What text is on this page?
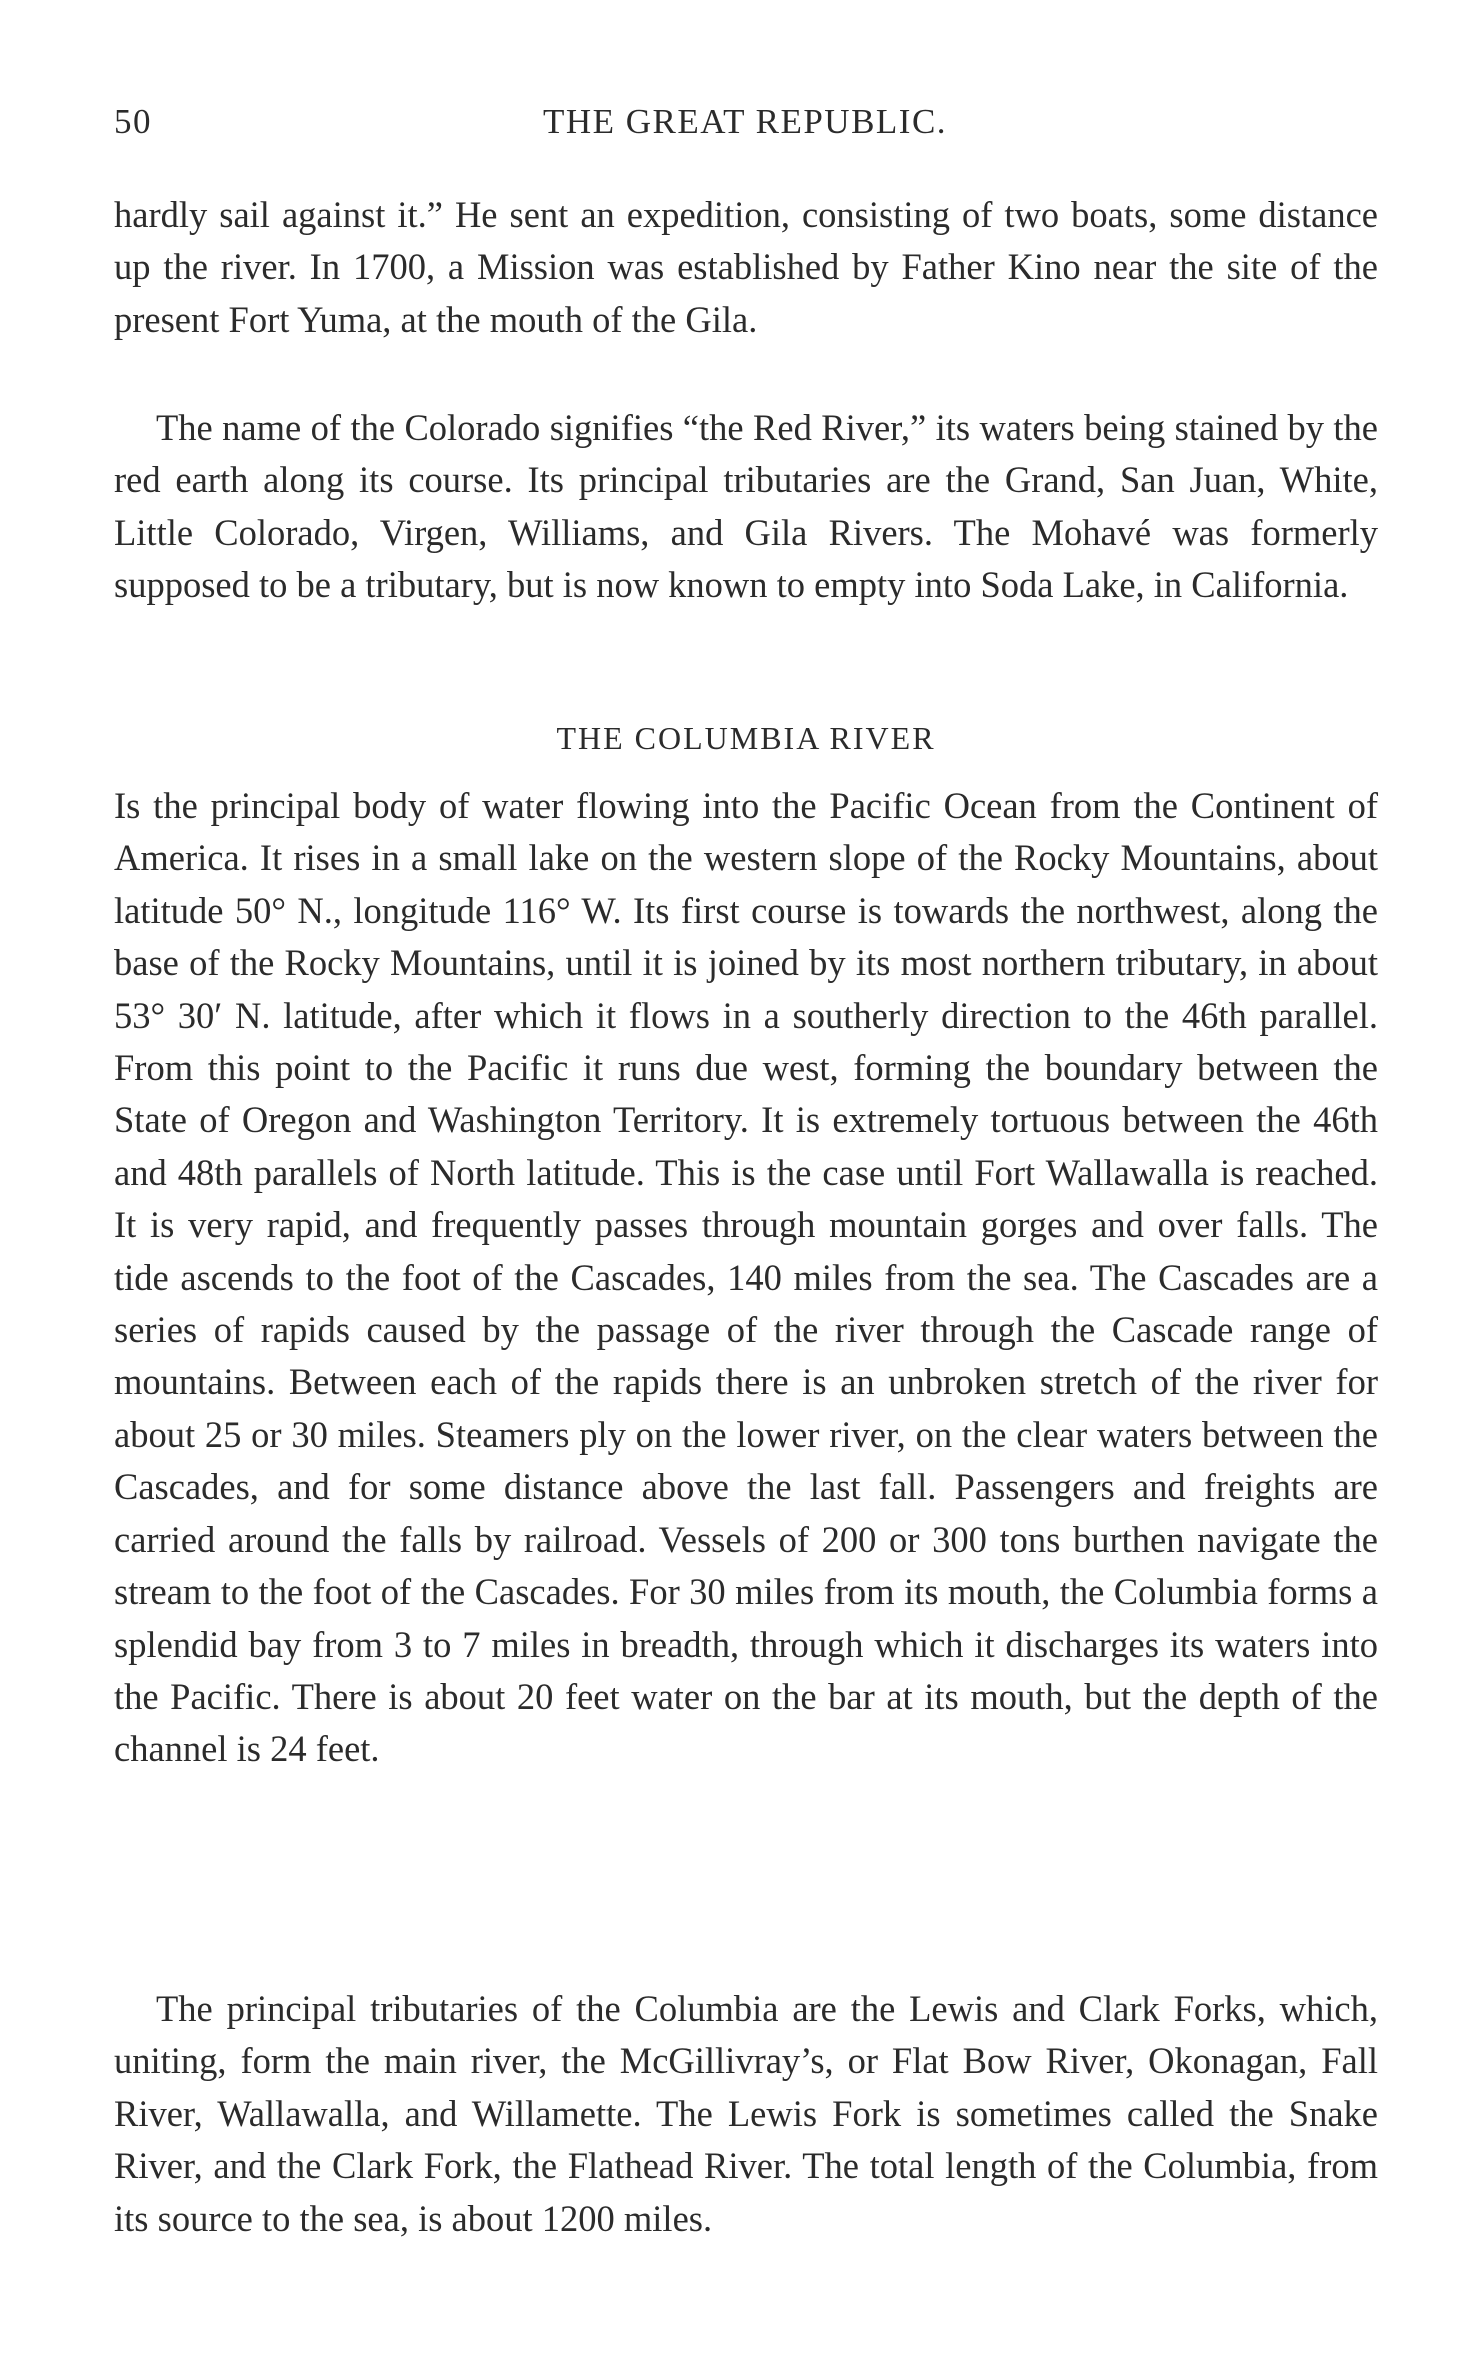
50	THE GREAT REPUBLIC.

hardly sail against it.” He sent an expedition, consisting of two boats, some distance up the river. In 1700, a Mission was established by Father Kino near the site of the present Fort Yuma, at the mouth of the Gila.

The name of the Colorado signifies “the Red River,” its waters being stained by the red earth along its course. Its principal tributaries are the Grand, San Juan, White, Little Colorado, Virgen, Williams, and Gila Rivers. The Mohavé was formerly supposed to be a tributary, but is now known to empty into Soda Lake, in California.

THE COLUMBIA RIVER

Is the principal body of water flowing into the Pacific Ocean from the Continent of America. It rises in a small lake on the western slope of the Rocky Mountains, about latitude 50° N., longitude 116° W. Its first course is towards the northwest, along the base of the Rocky Mountains, until it is joined by its most northern tributary, in about 53° 30′ N. latitude, after which it flows in a southerly direction to the 46th parallel. From this point to the Pacific it runs due west, forming the boundary between the State of Oregon and Washington Territory. It is extremely tortuous between the 46th and 48th parallels of North latitude. This is the case until Fort Wallawalla is reached. It is very rapid, and frequently passes through mountain gorges and over falls. The tide ascends to the foot of the Cascades, 140 miles from the sea. The Cascades are a series of rapids caused by the passage of the river through the Cascade range of mountains. Between each of the rapids there is an unbroken stretch of the river for about 25 or 30 miles. Steamers ply on the lower river, on the clear waters between the Cascades, and for some distance above the last fall. Passengers and freights are carried around the falls by railroad. Vessels of 200 or 300 tons burthen navigate the stream to the foot of the Cascades. For 30 miles from its mouth, the Columbia forms a splendid bay from 3 to 7 miles in breadth, through which it discharges its waters into the Pacific. There is about 20 feet water on the bar at its mouth, but the depth of the channel is 24 feet.

The principal tributaries of the Columbia are the Lewis and Clark Forks, which, uniting, form the main river, the McGillivray’s, or Flat Bow River, Okonagan, Fall River, Wallawalla, and Willamette. The Lewis Fork is sometimes called the Snake River, and the Clark Fork, the Flathead River. The total length of the Columbia, from its source to the sea, is about 1200 miles.
